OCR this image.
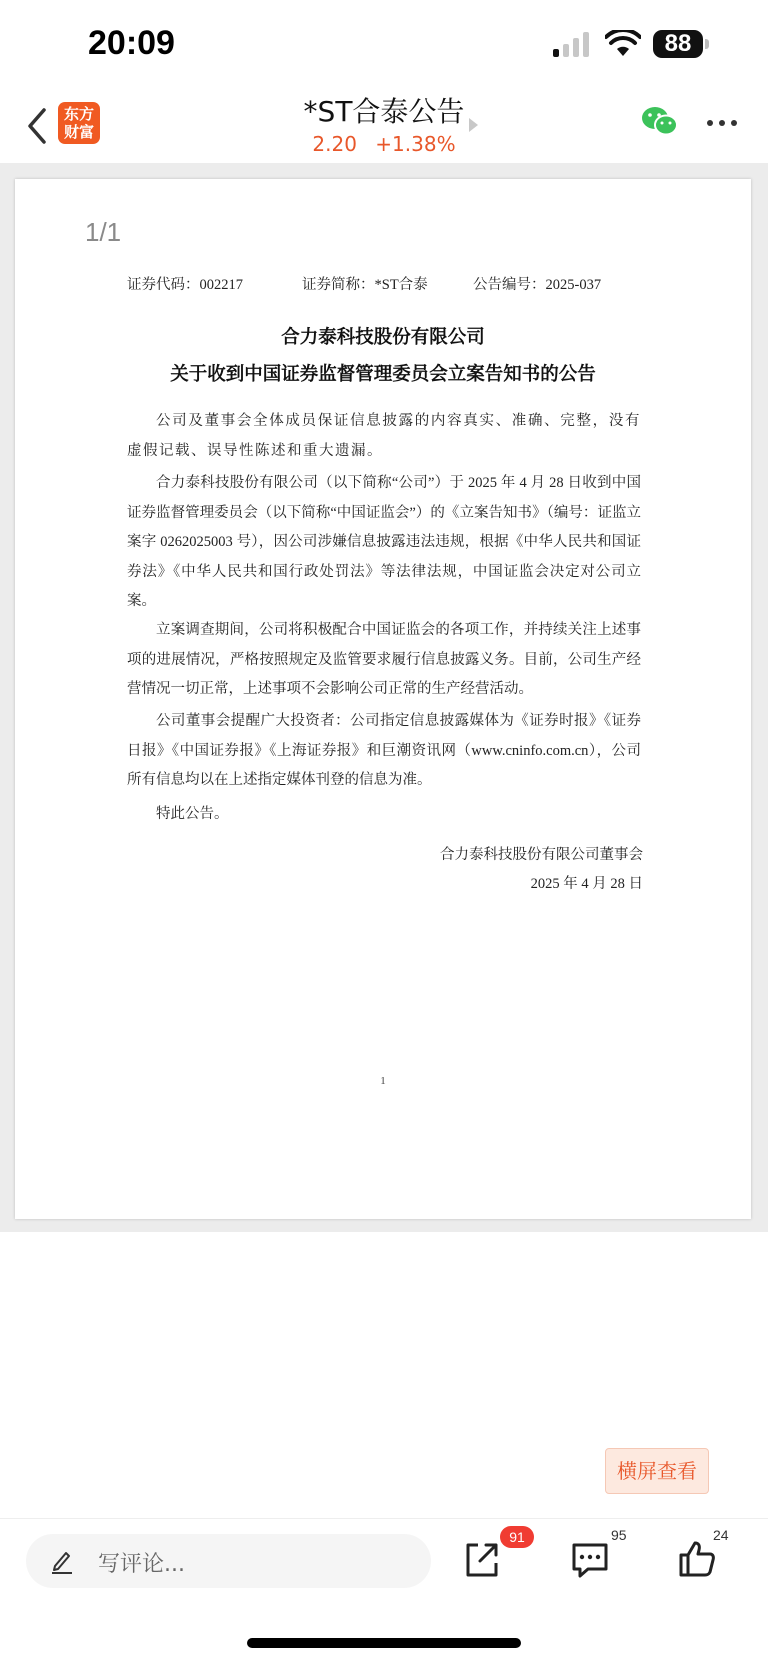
20:09	88
东方
财富
*ST合泰公告
2.20 +1.38%
1/1
证券代码：002217	证券简称：*ST合泰	公告编号：2025-037
合力泰科技股份有限公司
关于收到中国证券监督管理委员会立案告知书的公告
公司及董事会全体成员保证信息披露的内容真实、准确、完整，没有虚假记载、误导性陈述和重大遗漏。
合力泰科技股份有限公司（以下简称“公司”）于 2025 年 4 月 28 日收到中国证券监督管理委员会（以下简称“中国证监会”）的《立案告知书》（编号：证监立案字 0262025003 号），因公司涉嫌信息披露违法违规，根据《中华人民共和国证券法》《中华人民共和国行政处罚法》等法律法规，中国证监会决定对公司立案。
立案调查期间，公司将积极配合中国证监会的各项工作，并持续关注上述事项的进展情况，严格按照规定及监管要求履行信息披露义务。目前，公司生产经营情况一切正常，上述事项不会影响公司正常的生产经营活动。
公司董事会提醒广大投资者：公司指定信息披露媒体为《证券时报》《证券日报》《中国证券报》《上海证券报》和巨潮资讯网（www.cninfo.com.cn），公司所有信息均以在上述指定媒体刊登的信息为准。
特此公告。
合力泰科技股份有限公司董事会
2025 年 4 月 28 日
1
横屏查看
写评论...
91	95	24
